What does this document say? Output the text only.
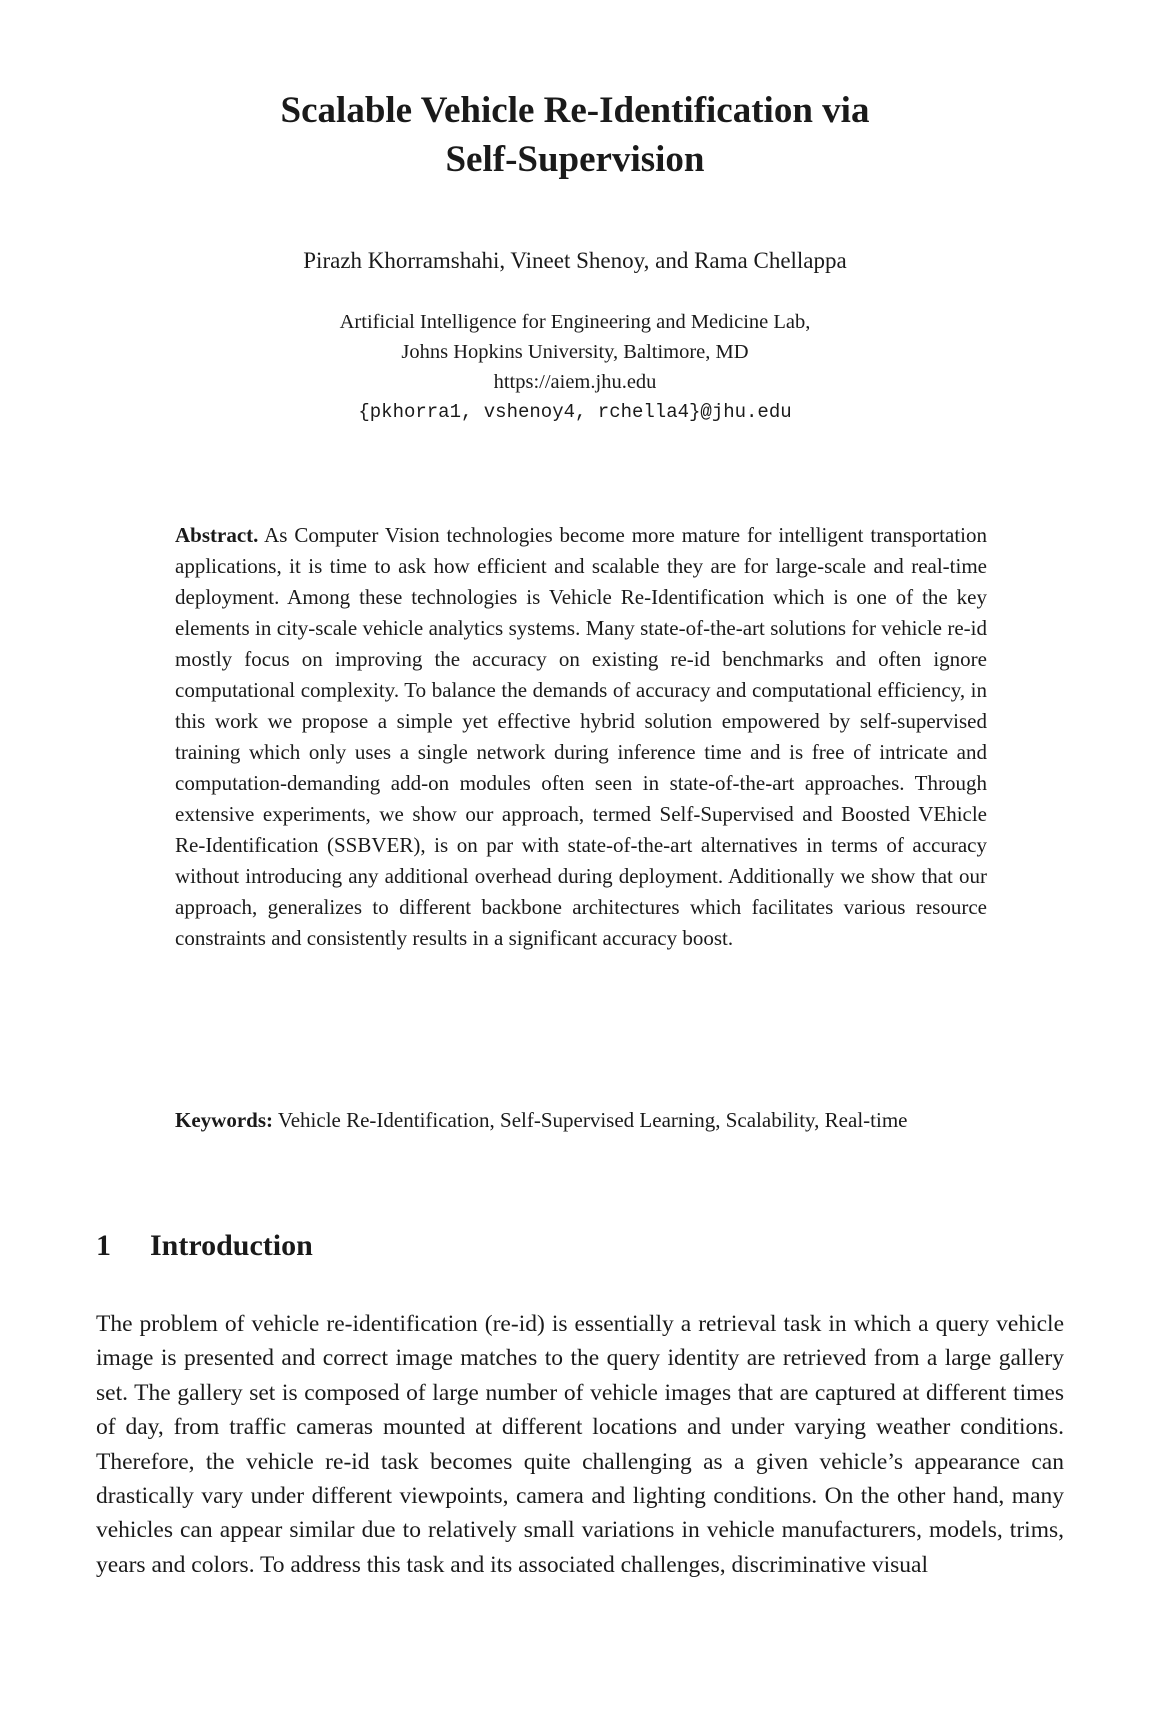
Scalable Vehicle Re-Identification via
Self-Supervision
Pirazh Khorramshahi, Vineet Shenoy, and Rama Chellappa
Artificial Intelligence for Engineering and Medicine Lab,
Johns Hopkins University, Baltimore, MD
https://aiem.jhu.edu
{pkhorra1, vshenoy4, rchella4}@jhu.edu

Abstract. As Computer Vision technologies become more mature for intelligent transportation applications, it is time to ask how efficient and scalable they are for large-scale and real-time deployment. Among these technologies is Vehicle Re-Identification which is one of the key elements in city-scale vehicle analytics systems. Many state-of-the-art solutions for vehicle re-id mostly focus on improving the accuracy on existing re-id benchmarks and often ignore computational complexity. To balance the demands of accuracy and computational efficiency, in this work we propose a simple yet effective hybrid solution empowered by self-supervised training which only uses a single network during inference time and is free of intricate and computation-demanding add-on modules often seen in state-of-the-art approaches. Through extensive experiments, we show our approach, termed Self-Supervised and Boosted VEhicle Re-Identification (SSBVER), is on par with state-of-the-art alternatives in terms of accuracy without introducing any additional overhead during deployment. Additionally we show that our approach, generalizes to different backbone architectures which facilitates various resource constraints and consistently results in a significant accuracy boost.

Keywords: Vehicle Re-Identification, Self-Supervised Learning, Scalability, Real-time

1 Introduction

The problem of vehicle re-identification (re-id) is essentially a retrieval task in which a query vehicle image is presented and correct image matches to the query identity are retrieved from a large gallery set. The gallery set is composed of large number of vehicle images that are captured at different times of day, from traffic cameras mounted at different locations and under varying weather conditions. Therefore, the vehicle re-id task becomes quite challenging as a given vehicle’s appearance can drastically vary under different viewpoints, camera and lighting conditions. On the other hand, many vehicles can appear similar due to relatively small variations in vehicle manufacturers, models, trims, years and colors. To address this task and its associated challenges, discriminative visual
